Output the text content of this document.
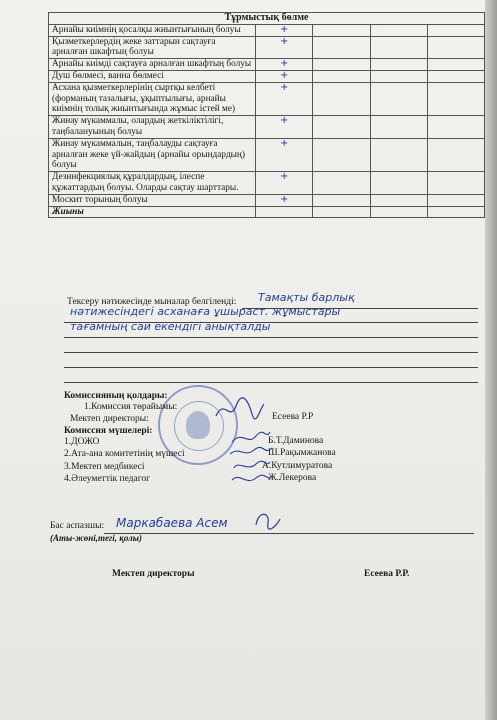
Тұрмыстық бөлме				
Арнайы киімнің қосалқы жиынтығының болуы	+			
Қызметкерлердің жеке заттарын сақтауға арналған шкафтың болуы	+			
Арнайы киімді сақтауға арналған шкафтың болуы	+			
Душ бөлмесі, ванна бөлмесі	+			
Асхана қызметкерлерінің сыртқы келбеті (форманың тазалығы, ұқыптылығы, арнайы киімнің толық жиынтығында жұмыс істей ме)	+			
Жинау мүкаммалы, олардың жеткіліктілігі, таңбалануының болуы	+			
Жинау мүкаммалын, таңбалауды сақтауға арналған жеке үй-жайдың (арнайы орындардың) болуы	+			
Дезинфекциялық құралдардың, ілеспе құжаттардың болуы. Оларды сақтау шарттары.	+			
Москит торының болуы	+			
Жиыны				
Тексеру нәтижесінде мыналар белгіленді: Тамақты барлық
нәтижесіндегі асханаға ұшыраст. жұмыстары
тағамның сай екендігі анықталды
Комиссияның қолдары:
1.Комиссия төрайымы:
Мектеп директоры:	Есеева Р.Р
Комиссия мүшелері:
1.ДОЖО	Б.Т.Даминова
2.Ата-ана комитетінің мүшесі	Ш.Рақымжанова
3.Мектеп медбикесі	А.Кутлимуратова
4.Әлеуметтік педагог	Ж.Лекерова
Бас аспазшы: Маркабаева Асем
(Аты-жөні,тегі, қолы)
Мектеп директоры	Есеева Р.Р.
